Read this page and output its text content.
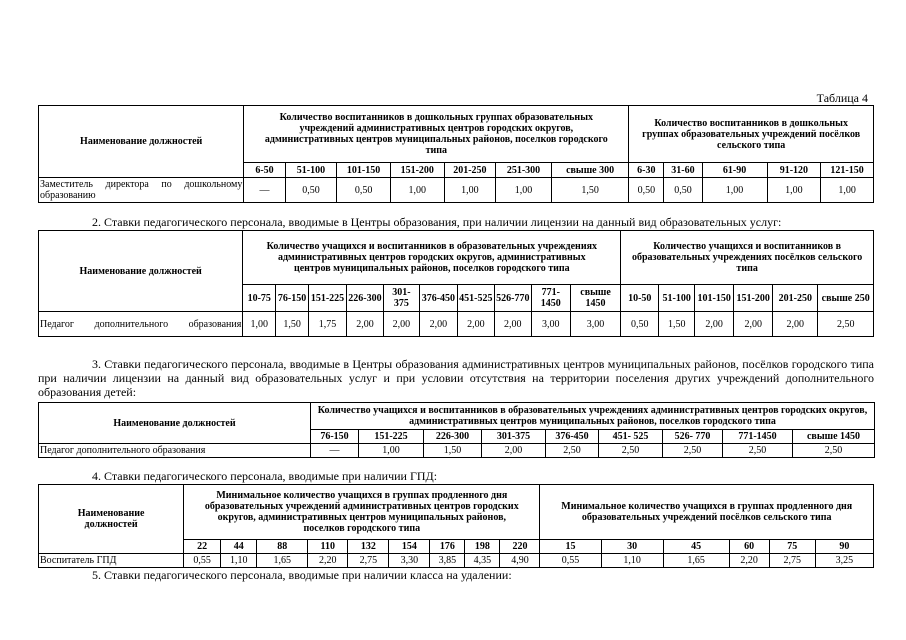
Таблица 4
Наименование должностей	Количество воспитанников в дошкольных группах образовательных учреждений административных центров городских округов, административных центров муниципальных районов, поселков городского типа							Количество воспитанников в дошкольных группах образовательных учреждений посёлков сельского типа				
	6-50	51-100	101-150	151-200	201-250	251-300	свыше 300	6-30	31-60	61-90	91-120	121-150
Заместитель директора по дошкольному образованию	—	0,50	0,50	1,00	1,00	1,00	1,50	0,50	0,50	1,00	1,00	1,00
2. Ставки педагогического персонала, вводимые в Центры образования, при наличии лицензии на данный вид образовательных услуг:
Наименование должностей	Количество учащихся и воспитанников в образовательных учреждениях административных центров городских округов, административных центров муниципальных районов, поселков городского типа										Количество учащихся и воспитанников в образовательных учреждениях посёлков сельского типа					
	10-75	76-150	151-225	226-300	301-375	376-450	451-525	526-770	771-1450	свыше 1450	10-50	51-100	101-150	151-200	201-250	свыше 250
Педагог дополнительного образования	1,00	1,50	1,75	2,00	2,00	2,00	2,00	2,00	3,00	3,00	0,50	1,50	2,00	2,00	2,00	2,50
3. Ставки педагогического персонала, вводимые в Центры образования административных центров муниципальных районов, посёлков городского типа при наличии лицензии на данный вид образовательных услуг и при условии отсутствия на территории поселения других учреждений дополнительного образования детей:
Наименование должностей	Количество учащихся и воспитанников в образовательных учреждениях административных центров городских округов, административных центров муниципальных районов, поселков городского типа								
	76-150	151-225	226-300	301-375	376-450	451- 525	526- 770	771-1450	свыше 1450
Педагог дополнительного образования	—	1,00	1,50	2,00	2,50	2,50	2,50	2,50	2,50
4. Ставки педагогического персонала, вводимые при наличии ГПД:
Наименование должностей	Минимальное количество учащихся в группах продленного дня образовательных учреждений административных центров городских округов, административных центров муниципальных районов, поселков городского типа									Минимальное количество учащихся в группах продленного дня образовательных учреждений посёлков сельского типа					
	22	44	88	110	132	154	176	198	220	15	30	45	60	75	90
Воспитатель ГПД	0,55	1,10	1,65	2,20	2,75	3,30	3,85	4,35	4,90	0,55	1,10	1,65	2,20	2,75	3,25
5. Ставки педагогического персонала, вводимые при наличии класса на удалении:
